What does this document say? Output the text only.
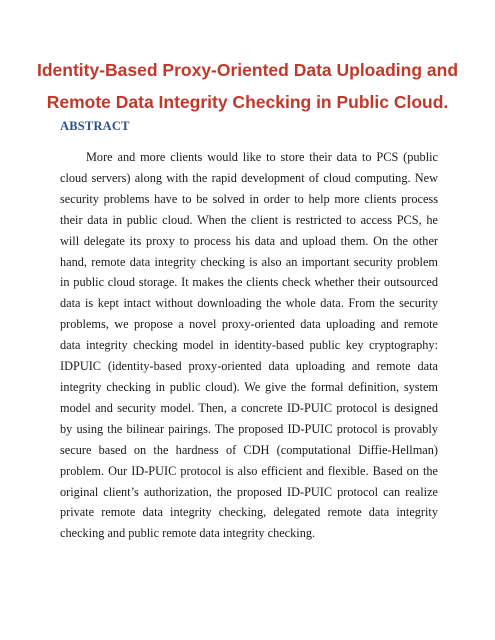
Identity-Based Proxy-Oriented Data Uploading and Remote Data Integrity Checking in Public Cloud.
ABSTRACT

More and more clients would like to store their data to PCS (public cloud servers) along with the rapid development of cloud computing. New security problems have to be solved in order to help more clients process their data in public cloud. When the client is restricted to access PCS, he will delegate its proxy to process his data and upload them. On the other hand, remote data integrity checking is also an important security problem in public cloud storage. It makes the clients check whether their outsourced data is kept intact without downloading the whole data. From the security problems, we propose a novel proxy-oriented data uploading and remote data integrity checking model in identity-based public key cryptography: IDPUIC (identity-based proxy-oriented data uploading and remote data integrity checking in public cloud). We give the formal definition, system model and security model. Then, a concrete ID-PUIC protocol is designed by using the bilinear pairings. The proposed ID-PUIC protocol is provably secure based on the hardness of CDH (computational Diffie-Hellman) problem. Our ID-PUIC protocol is also efficient and flexible. Based on the original client’s authorization, the proposed ID-PUIC protocol can realize private remote data integrity checking, delegated remote data integrity checking and public remote data integrity checking.
